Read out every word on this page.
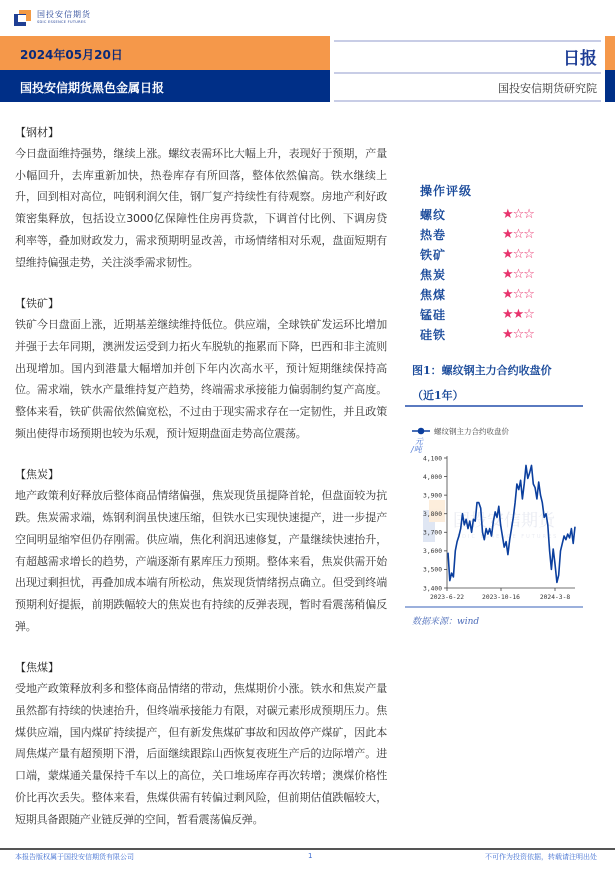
国投安信期货
SDIC ESSENCE FUTURES
2024年05月20日
国投安信期货黑色金属日报
日报
国投安信期货研究院
【钢材】
今日盘面维持强势，继续上涨。螺纹表需环比大幅上升，表现好于预期，产量小幅回升，去库重新加快，热卷库存有所回落，整体依然偏高。铁水继续上升，回到相对高位，吨钢利润欠佳，钢厂复产持续性有待观察。房地产利好政策密集释放，包括设立3000亿保障性住房再贷款，下调首付比例、下调房贷利率等，叠加财政发力，需求预期明显改善，市场情绪相对乐观，盘面短期有望维持偏强走势，关注淡季需求韧性。
【铁矿】
铁矿今日盘面上涨，近期基差继续维持低位。供应端，全球铁矿发运环比增加并强于去年同期，澳洲发运受到力拓火车脱轨的拖累而下降，巴西和非主流则出现增加。国内到港量大幅增加并创下年内次高水平，预计短期继续保持高位。需求端，铁水产量维持复产趋势，终端需求承接能力偏弱制约复产高度。整体来看，铁矿供需依然偏宽松，不过由于现实需求存在一定韧性，并且政策频出使得市场预期也较为乐观，预计短期盘面走势高位震荡。
【焦炭】
地产政策利好释放后整体商品情绪偏强，焦炭现货虽提降首轮，但盘面较为抗跌。焦炭需求端，炼钢利润虽快速压缩，但铁水已实现快速提产，进一步提产空间明显缩窄但仍存刚需。供应端，焦化利润迅速修复，产量继续快速抬升，有超越需求增长的趋势，产端逐渐有累库压力预期。整体来看，焦炭供需开始出现过剩担忧，再叠加成本端有所松动，焦炭现货情绪拐点确立。但受到终端预期利好提振，前期跌幅较大的焦炭也有持续的反弹表现，暂时看震荡稍偏反弹。
【焦煤】
受地产政策释放利多和整体商品情绪的带动，焦煤期价小涨。铁水和焦炭产量虽然都有持续的快速抬升，但终端承接能力有限，对碳元素形成预期压力。焦煤供应端，国内煤矿持续提产，但有新发焦煤矿事故和因故停产煤矿，因此本周焦煤产量有超预期下滑，后面继续跟踪山西恢复夜班生产后的边际增产。进口端，蒙煤通关量保持千车以上的高位，关口堆场库存再次转增；澳煤价格性价比再次丢失。整体来看，焦煤供需有转偏过剩风险，但前期估值跌幅较大，短期具备跟随产业链反弹的空间，暂看震荡偏反弹。
操作评级
螺纹	★☆☆
热卷	★☆☆
铁矿	★☆☆
焦炭	★☆☆
焦煤	★☆☆
锰硅	★★☆
硅铁	★☆☆
图1：螺纹钢主力合约收盘价
（近1年）
国投安信期货
SDIC ESSENCE FUTURES
螺纹钢主力合约收盘价
元
/吨
3,400
3,500
3,600
3,700
3,800
3,900
4,000
4,100
2023-6-22	2023-10-16	2024-3-8
数据来源：wind
本报告版权属于国投安信期货有限公司	1	不可作为投资依据，转载请注明出处
